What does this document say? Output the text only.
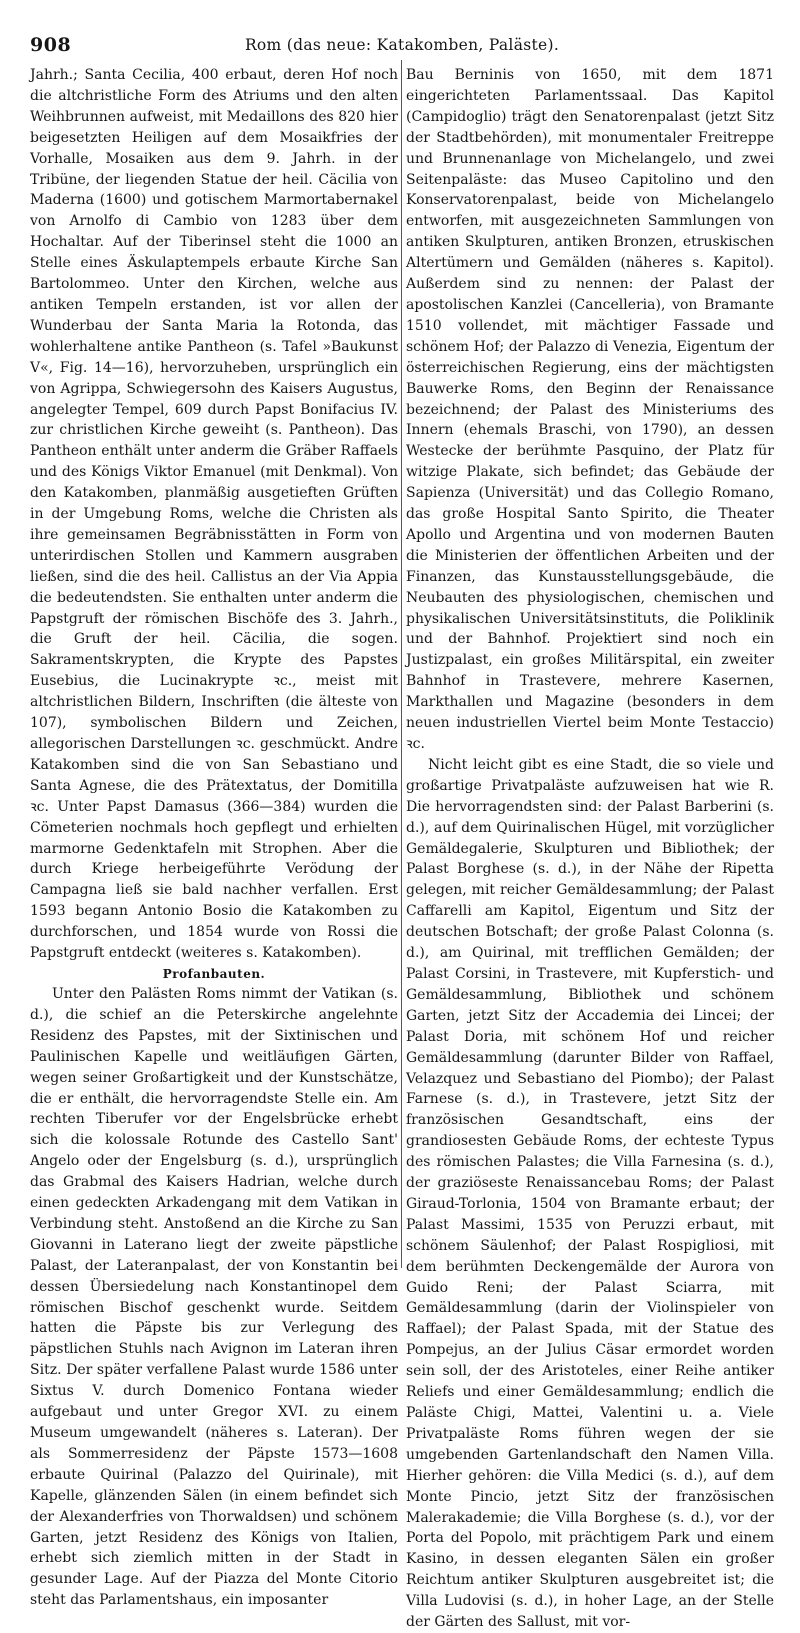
908	Rom (das neue: Katakomben, Paläste).

Jahrh.; Santa Cecilia, 400 erbaut, deren Hof noch die altchristliche Form des Atriums und den alten Weihbrunnen aufweist, mit Medaillons des 820 hier beigesetzten Heiligen auf dem Mosaikfries der Vorhalle, Mosaiken aus dem 9. Jahrh. in der Tribüne, der liegenden Statue der heil. Cäcilia von Maderna (1600) und gotischem Marmortabernakel von Arnolfo di Cambio von 1283 über dem Hochaltar. Auf der Tiberinsel steht die 1000 an Stelle eines Äskulaptempels erbaute Kirche San Bartolommeo. Unter den Kirchen, welche aus antiken Tempeln erstanden, ist vor allen der Wunderbau der Santa Maria la Rotonda, das wohlerhaltene antike Pantheon (s. Tafel »Baukunst V«, Fig. 14—16), hervorzuheben, ursprünglich ein von Agrippa, Schwiegersohn des Kaisers Augustus, angelegter Tempel, 609 durch Papst Bonifacius IV. zur christlichen Kirche geweiht (s. Pantheon). Das Pantheon enthält unter anderm die Gräber Raffaels und des Königs Viktor Emanuel (mit Denkmal). Von den Katakomben, planmäßig ausgetieften Grüften in der Umgebung Roms, welche die Christen als ihre gemeinsamen Begräbnisstätten in Form von unterirdischen Stollen und Kammern ausgraben ließen, sind die des heil. Callistus an der Via Appia die bedeutendsten. Sie enthalten unter anderm die Papstgruft der römischen Bischöfe des 3. Jahrh., die Gruft der heil. Cäcilia, die sogen. Sakramentskrypten, die Krypte des Papstes Eusebius, die Lucinakrypte ꝛc., meist mit altchristlichen Bildern, Inschriften (die älteste von 107), symbolischen Bildern und Zeichen, allegorischen Darstellungen ꝛc. geschmückt. Andre Katakomben sind die von San Sebastiano und Santa Agnese, die des Prätextatus, der Domitilla ꝛc. Unter Papst Damasus (366—384) wurden die Cömeterien nochmals hoch gepflegt und erhielten marmorne Gedenktafeln mit Strophen. Aber die durch Kriege herbeigeführte Verödung der Campagna ließ sie bald nachher verfallen. Erst 1593 begann Antonio Bosio die Katakomben zu durchforschen, und 1854 wurde von Rossi die Papstgruft entdeckt (weiteres s. Katakomben).

Profanbauten.

Unter den Palästen Roms nimmt der Vatikan (s. d.), die schief an die Peterskirche angelehnte Residenz des Papstes, mit der Sixtinischen und Paulinischen Kapelle und weitläufigen Gärten, wegen seiner Großartigkeit und der Kunstschätze, die er enthält, die hervorragendste Stelle ein. Am rechten Tiberufer vor der Engelsbrücke erhebt sich die kolossale Rotunde des Castello Sant' Angelo oder der Engelsburg (s. d.), ursprünglich das Grabmal des Kaisers Hadrian, welche durch einen gedeckten Arkadengang mit dem Vatikan in Verbindung steht. Anstoßend an die Kirche zu San Giovanni in Laterano liegt der zweite päpstliche Palast, der Lateranpalast, der von Konstantin bei dessen Übersiedelung nach Konstantinopel dem römischen Bischof geschenkt wurde. Seitdem hatten die Päpste bis zur Verlegung des päpstlichen Stuhls nach Avignon im Lateran ihren Sitz. Der später verfallene Palast wurde 1586 unter Sixtus V. durch Domenico Fontana wieder aufgebaut und unter Gregor XVI. zu einem Museum umgewandelt (näheres s. Lateran). Der als Sommerresidenz der Päpste 1573—1608 erbaute Quirinal (Palazzo del Quirinale), mit Kapelle, glänzenden Sälen (in einem befindet sich der Alexanderfries von Thorwaldsen) und schönem Garten, jetzt Residenz des Königs von Italien, erhebt sich ziemlich mitten in der Stadt in gesunder Lage. Auf der Piazza del Monte Citorio steht das Parlamentshaus, ein imposanter

Bau Berninis von 1650, mit dem 1871 eingerichteten Parlamentssaal. Das Kapitol (Campidoglio) trägt den Senatorenpalast (jetzt Sitz der Stadtbehörden), mit monumentaler Freitreppe und Brunnenanlage von Michelangelo, und zwei Seitenpaläste: das Museo Capitolino und den Konservatorenpalast, beide von Michelangelo entworfen, mit ausgezeichneten Sammlungen von antiken Skulpturen, antiken Bronzen, etruskischen Altertümern und Gemälden (näheres s. Kapitol). Außerdem sind zu nennen: der Palast der apostolischen Kanzlei (Cancelleria), von Bramante 1510 vollendet, mit mächtiger Fassade und schönem Hof; der Palazzo di Venezia, Eigentum der österreichischen Regierung, eins der mächtigsten Bauwerke Roms, den Beginn der Renaissance bezeichnend; der Palast des Ministeriums des Innern (ehemals Braschi, von 1790), an dessen Westecke der berühmte Pasquino, der Platz für witzige Plakate, sich befindet; das Gebäude der Sapienza (Universität) und das Collegio Romano, das große Hospital Santo Spirito, die Theater Apollo und Argentina und von modernen Bauten die Ministerien der öffentlichen Arbeiten und der Finanzen, das Kunstausstellungsgebäude, die Neubauten des physiologischen, chemischen und physikalischen Universitätsinstituts, die Poliklinik und der Bahnhof. Projektiert sind noch ein Justizpalast, ein großes Militärspital, ein zweiter Bahnhof in Trastevere, mehrere Kasernen, Markthallen und Magazine (besonders in dem neuen industriellen Viertel beim Monte Testaccio) ꝛc.

Nicht leicht gibt es eine Stadt, die so viele und großartige Privatpaläste aufzuweisen hat wie R. Die hervorragendsten sind: der Palast Barberini (s. d.), auf dem Quirinalischen Hügel, mit vorzüglicher Gemäldegalerie, Skulpturen und Bibliothek; der Palast Borghese (s. d.), in der Nähe der Ripetta gelegen, mit reicher Gemäldesammlung; der Palast Caffarelli am Kapitol, Eigentum und Sitz der deutschen Botschaft; der große Palast Colonna (s. d.), am Quirinal, mit trefflichen Gemälden; der Palast Corsini, in Trastevere, mit Kupferstich- und Gemäldesammlung, Bibliothek und schönem Garten, jetzt Sitz der Accademia dei Lincei; der Palast Doria, mit schönem Hof und reicher Gemäldesammlung (darunter Bilder von Raffael, Velazquez und Sebastiano del Piombo); der Palast Farnese (s. d.), in Trastevere, jetzt Sitz der französischen Gesandtschaft, eins der grandiosesten Gebäude Roms, der echteste Typus des römischen Palastes; die Villa Farnesina (s. d.), der graziöseste Renaissancebau Roms; der Palast Giraud-Torlonia, 1504 von Bramante erbaut; der Palast Massimi, 1535 von Peruzzi erbaut, mit schönem Säulenhof; der Palast Rospigliosi, mit dem berühmten Deckengemälde der Aurora von Guido Reni; der Palast Sciarra, mit Gemäldesammlung (darin der Violinspieler von Raffael); der Palast Spada, mit der Statue des Pompejus, an der Julius Cäsar ermordet worden sein soll, der des Aristoteles, einer Reihe antiker Reliefs und einer Gemäldesammlung; endlich die Paläste Chigi, Mattei, Valentini u. a. Viele Privatpaläste Roms führen wegen der sie umgebenden Gartenlandschaft den Namen Villa. Hierher gehören: die Villa Medici (s. d.), auf dem Monte Pincio, jetzt Sitz der französischen Malerakademie; die Villa Borghese (s. d.), vor der Porta del Popolo, mit prächtigem Park und einem Kasino, in dessen eleganten Sälen ein großer Reichtum antiker Skulpturen ausgebreitet ist; die Villa Ludovisi (s. d.), in hoher Lage, an der Stelle der Gärten des Sallust, mit vor-
